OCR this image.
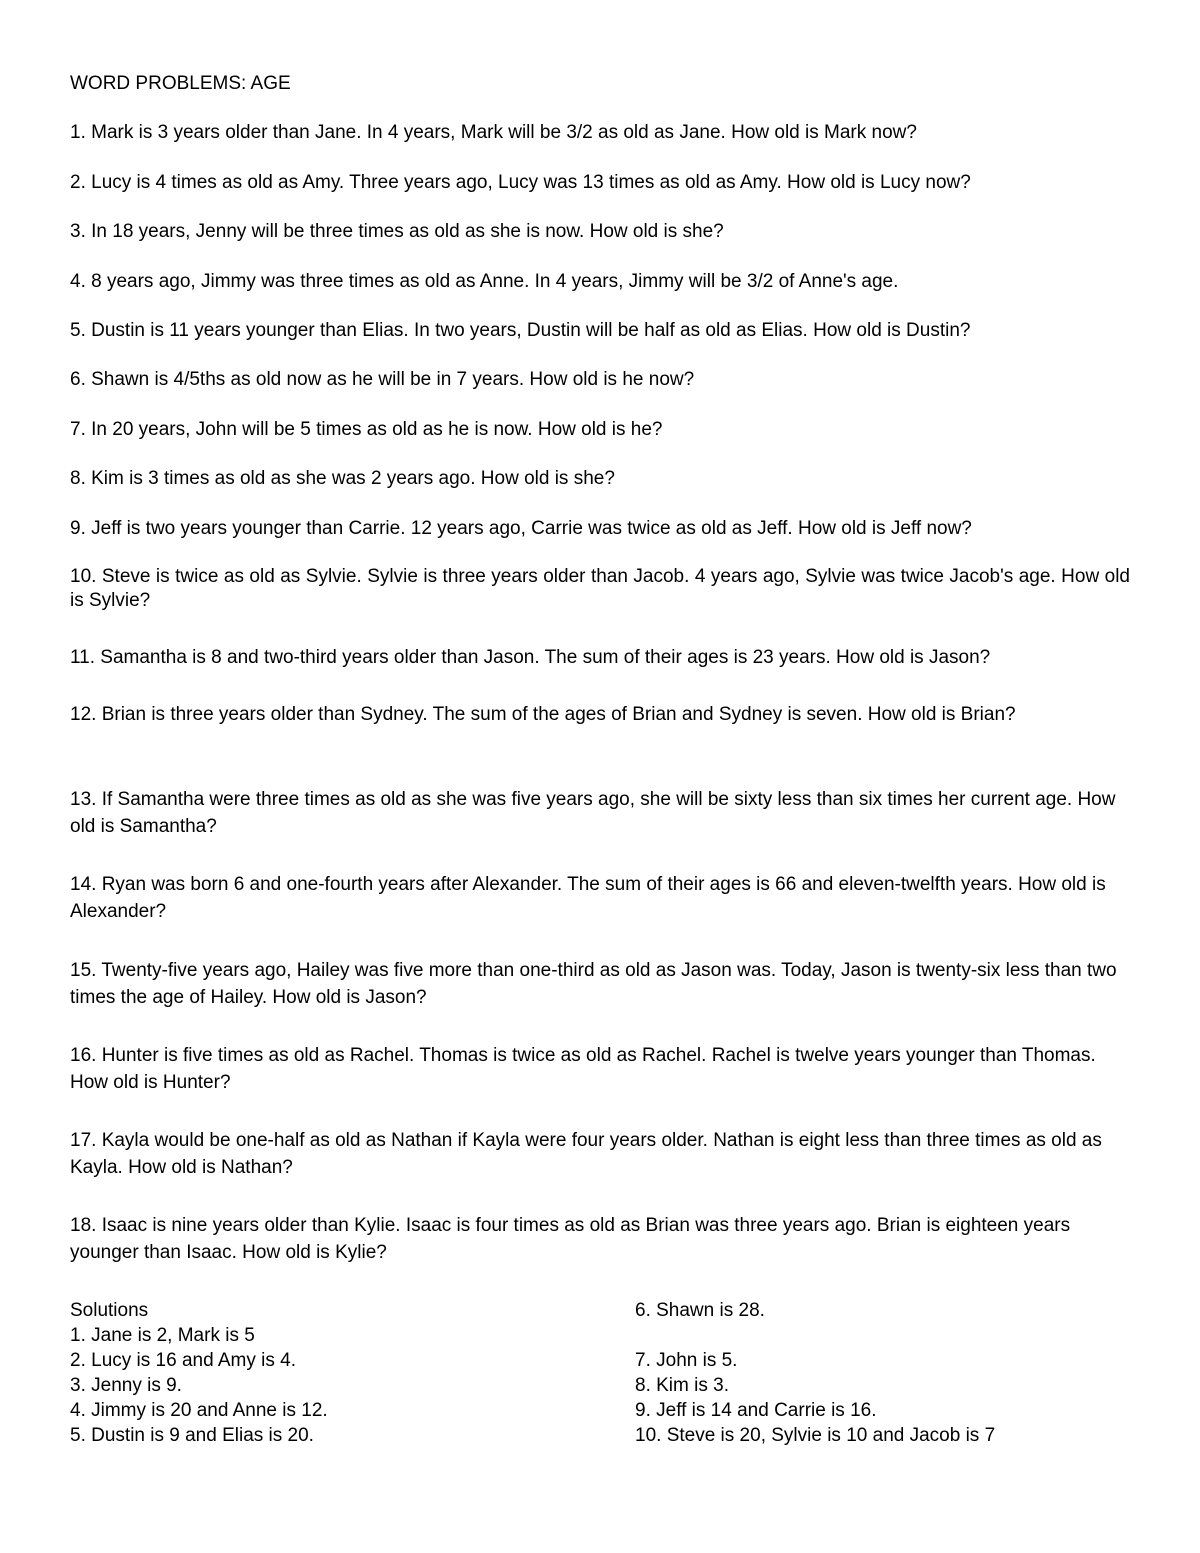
WORD PROBLEMS: AGE
1. Mark is 3 years older than Jane. In 4 years, Mark will be 3/2 as old as Jane. How old is Mark now?
2. Lucy is 4 times as old as Amy. Three years ago, Lucy was 13 times as old as Amy. How old is Lucy now?
3. In 18 years, Jenny will be three times as old as she is now. How old is she?
4. 8 years ago, Jimmy was three times as old as Anne. In 4 years, Jimmy will be 3/2 of Anne's age.
5. Dustin is 11 years younger than Elias. In two years, Dustin will be half as old as Elias. How old is Dustin?
6. Shawn is 4/5ths as old now as he will be in 7 years. How old is he now?
7. In 20 years, John will be 5 times as old as he is now. How old is he?
8. Kim is 3 times as old as she was 2 years ago. How old is she?
9. Jeff is two years younger than Carrie. 12 years ago, Carrie was twice as old as Jeff. How old is Jeff now?
10. Steve is twice as old as Sylvie. Sylvie is three years older than Jacob. 4 years ago, Sylvie was twice Jacob's age. How old is Sylvie?
11. Samantha is 8 and two-third years older than Jason. The sum of their ages is 23 years. How old is Jason?
12. Brian is three years older than Sydney. The sum of the ages of Brian and Sydney is seven. How old is Brian?
13. If Samantha were three times as old as she was five years ago, she will be sixty less than six times her current age. How old is Samantha?
14. Ryan was born 6 and one-fourth years after Alexander. The sum of their ages is 66 and eleven-twelfth years. How old is Alexander?
15. Twenty-five years ago, Hailey was five more than one-third as old as Jason was. Today, Jason is twenty-six less than two times the age of Hailey. How old is Jason?
16. Hunter is five times as old as Rachel. Thomas is twice as old as Rachel. Rachel is twelve years younger than Thomas. How old is Hunter?
17. Kayla would be one-half as old as Nathan if Kayla were four years older. Nathan is eight less than three times as old as Kayla. How old is Nathan?
18. Isaac is nine years older than Kylie. Isaac is four times as old as Brian was three years ago. Brian is eighteen years younger than Isaac. How old is Kylie?
Solutions
1. Jane is 2, Mark is 5
2. Lucy is 16 and Amy is 4.
3. Jenny is 9.
4. Jimmy is 20 and Anne is 12.
5. Dustin is 9 and Elias is 20.
6. Shawn is 28.
7. John is 5.
8. Kim is 3.
9. Jeff is 14 and Carrie is 16.
10. Steve is 20, Sylvie is 10 and Jacob is 7
